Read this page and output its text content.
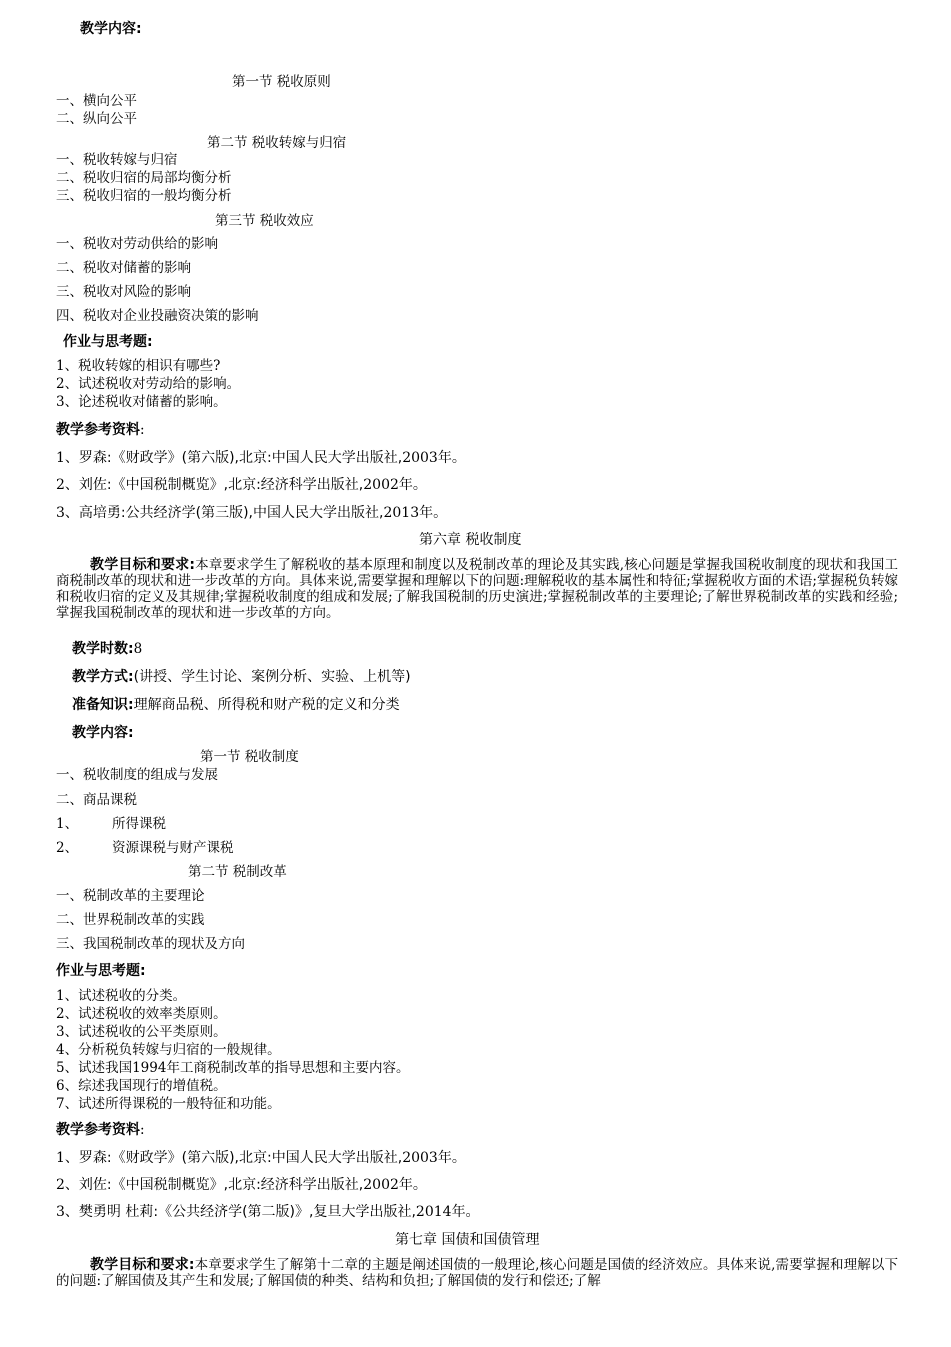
教学内容:
第一节 税收原则
一、横向公平
二、纵向公平
第二节 税收转嫁与归宿
一、税收转嫁与归宿
二、税收归宿的局部均衡分析
三、税收归宿的一般均衡分析
第三节 税收效应
一、税收对劳动供给的影响
二、税收对储蓄的影响
三、税收对风险的影响
四、税收对企业投融资决策的影响
作业与思考题:
1、税收转嫁的相识有哪些?
2、试述税收对劳动给的影响。
3、论述税收对储蓄的影响。
教学参考资料:
1、罗森:《财政学》(第六版),北京:中国人民大学出版社,2003年。
2、刘佐:《中国税制概览》,北京:经济科学出版社,2002年。
3、高培勇:公共经济学(第三版),中国人民大学出版社,2013年。
第六章 税收制度
教学目标和要求:本章要求学生了解税收的基本原理和制度以及税制改革的理论及其实践,核心问题是掌握我国税收制度的现状和我国工商税制改革的现状和进一步改革的方向。具体来说,需要掌握和理解以下的问题:理解税收的基本属性和特征;掌握税收方面的术语;掌握税负转嫁和税收归宿的定义及其规律;掌握税收制度的组成和发展;了解我国税制的历史演进;掌握税制改革的主要理论;了解世界税制改革的实践和经验;掌握我国税制改革的现状和进一步改革的方向。
教学时数:8
教学方式:(讲授、学生讨论、案例分析、实验、上机等)
准备知识:理解商品税、所得税和财产税的定义和分类
教学内容:
第一节 税收制度
一、税收制度的组成与发展
二、商品课税
1、	所得课税
2、	资源课税与财产课税
第二节 税制改革
一、税制改革的主要理论
二、世界税制改革的实践
三、我国税制改革的现状及方向
作业与思考题:
1、试述税收的分类。
2、试述税收的效率类原则。
3、试述税收的公平类原则。
4、分析税负转嫁与归宿的一般规律。
5、试述我国1994年工商税制改革的指导思想和主要内容。
6、综述我国现行的增值税。
7、试述所得课税的一般特征和功能。
教学参考资料:
1、罗森:《财政学》(第六版),北京:中国人民大学出版社,2003年。
2、刘佐:《中国税制概览》,北京:经济科学出版社,2002年。
3、樊勇明 杜莉:《公共经济学(第二版)》,复旦大学出版社,2014年。
第七章 国债和国债管理
教学目标和要求:本章要求学生了解第十二章的主题是阐述国债的一般理论,核心问题是国债的经济效应。具体来说,需要掌握和理解以下的问题:了解国债及其产生和发展;了解国债的种类、结构和负担;了解国债的发行和偿还;了解
